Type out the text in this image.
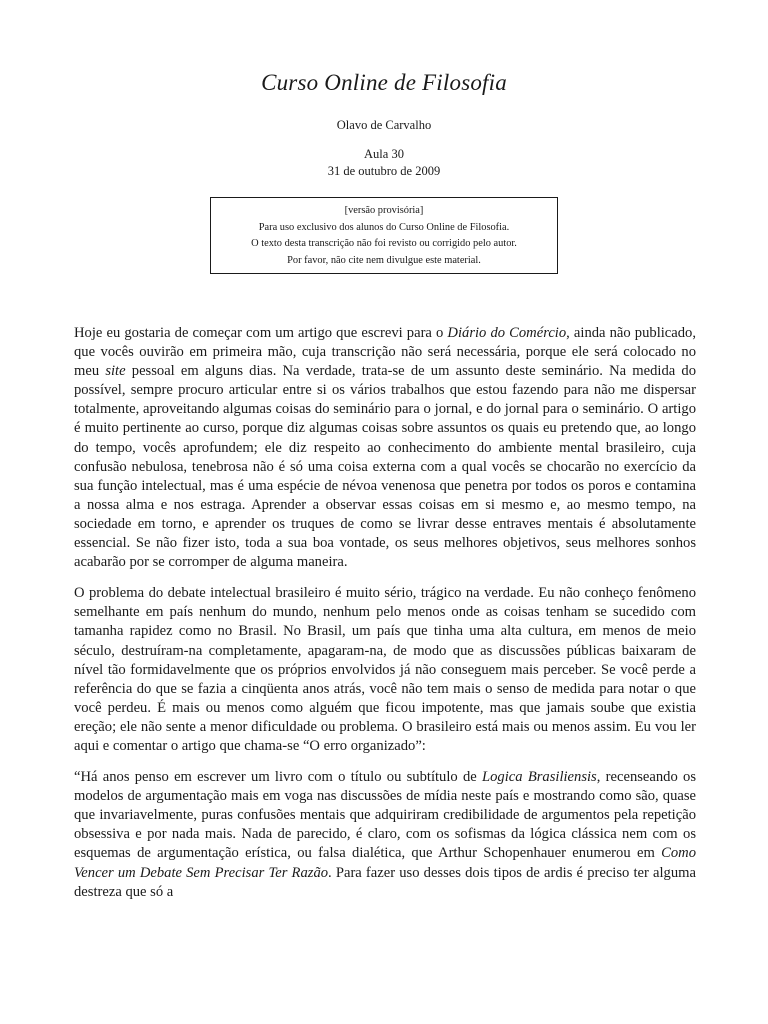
Curso Online de Filosofia
Olavo de Carvalho
Aula 30
31 de outubro de 2009
[versão provisória]
Para uso exclusivo dos alunos do Curso Online de Filosofia.
O texto desta transcrição não foi revisto ou corrigido pelo autor.
Por favor, não cite nem divulgue este material.

Hoje eu gostaria de começar com um artigo que escrevi para o Diário do Comércio, ainda não publicado, que vocês ouvirão em primeira mão, cuja transcrição não será necessária, porque ele será colocado no meu site pessoal em alguns dias. Na verdade, trata-se de um assunto deste seminário. Na medida do possível, sempre procuro articular entre si os vários trabalhos que estou fazendo para não me dispersar totalmente, aproveitando algumas coisas do seminário para o jornal, e do jornal para o seminário. O artigo é muito pertinente ao curso, porque diz algumas coisas sobre assuntos os quais eu pretendo que, ao longo do tempo, vocês aprofundem; ele diz respeito ao conhecimento do ambiente mental brasileiro, cuja confusão nebulosa, tenebrosa não é só uma coisa externa com a qual vocês se chocarão no exercício da sua função intelectual, mas é uma espécie de névoa venenosa que penetra por todos os poros e contamina a nossa alma e nos estraga. Aprender a observar essas coisas em si mesmo e, ao mesmo tempo, na sociedade em torno, e aprender os truques de como se livrar desse entraves mentais é absolutamente essencial. Se não fizer isto, toda a sua boa vontade, os seus melhores objetivos, seus melhores sonhos acabarão por se corromper de alguma maneira.

O problema do debate intelectual brasileiro é muito sério, trágico na verdade. Eu não conheço fenômeno semelhante em país nenhum do mundo, nenhum pelo menos onde as coisas tenham se sucedido com tamanha rapidez como no Brasil. No Brasil, um país que tinha uma alta cultura, em menos de meio século, destruíram-na completamente, apagaram-na, de modo que as discussões públicas baixaram de nível tão formidavelmente que os próprios envolvidos já não conseguem mais perceber. Se você perde a referência do que se fazia a cinqüenta anos atrás, você não tem mais o senso de medida para notar o que você perdeu. É mais ou menos como alguém que ficou impotente, mas que jamais soube que existia ereção; ele não sente a menor dificuldade ou problema. O brasileiro está mais ou menos assim. Eu vou ler aqui e comentar o artigo que chama-se “O erro organizado”:

“Há anos penso em escrever um livro com o título ou subtítulo de Logica Brasiliensis, recenseando os modelos de argumentação mais em voga nas discussões de mídia neste país e mostrando como são, quase que invariavelmente, puras confusões mentais que adquiriram credibilidade de argumentos pela repetição obsessiva e por nada mais. Nada de parecido, é claro, com os sofismas da lógica clássica nem com os esquemas de argumentação erística, ou falsa dialética, que Arthur Schopenhauer enumerou em Como Vencer um Debate Sem Precisar Ter Razão. Para fazer uso desses dois tipos de ardis é preciso ter alguma destreza que só a
